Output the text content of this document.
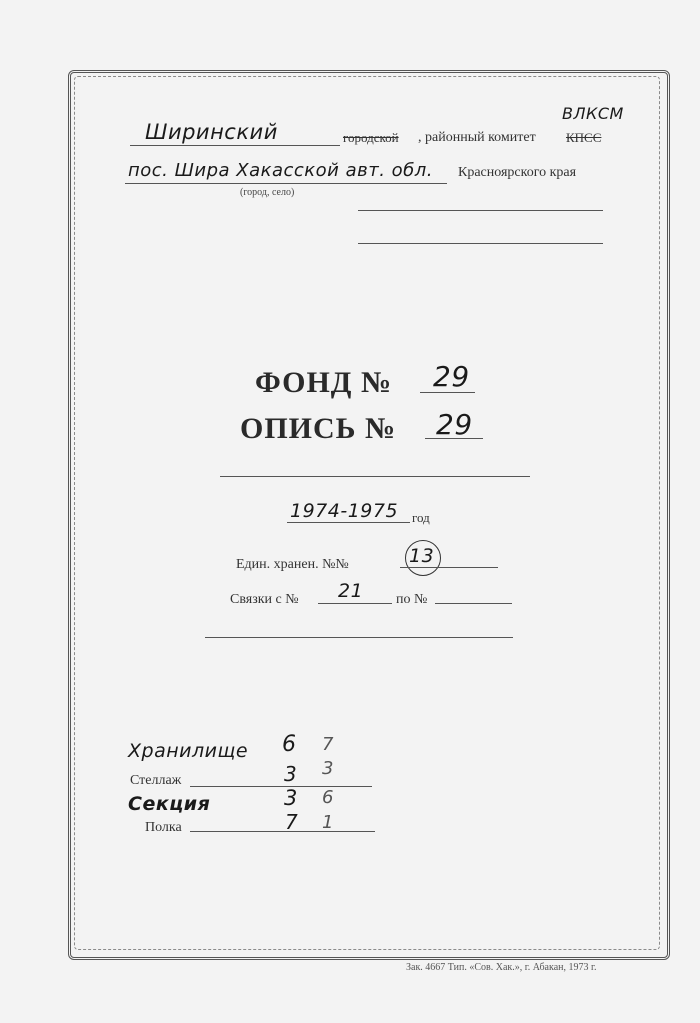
Ширинский	городской , районный комитет КПСС
ВЛКСМ
пос. Шира Хакасской авт. обл.
(город, село)
Красноярского края
ФОНД № 29
ОПИСЬ № 29
1974-1975 год
Един. хранен. №№	13
Связки с № 21 по №
Хранилище 6 7
Стеллаж	3 3
Секция	3 6
Полка	7 1
Зак. 4667 Тип. «Сов. Хак.», г. Абакан, 1973 г.
